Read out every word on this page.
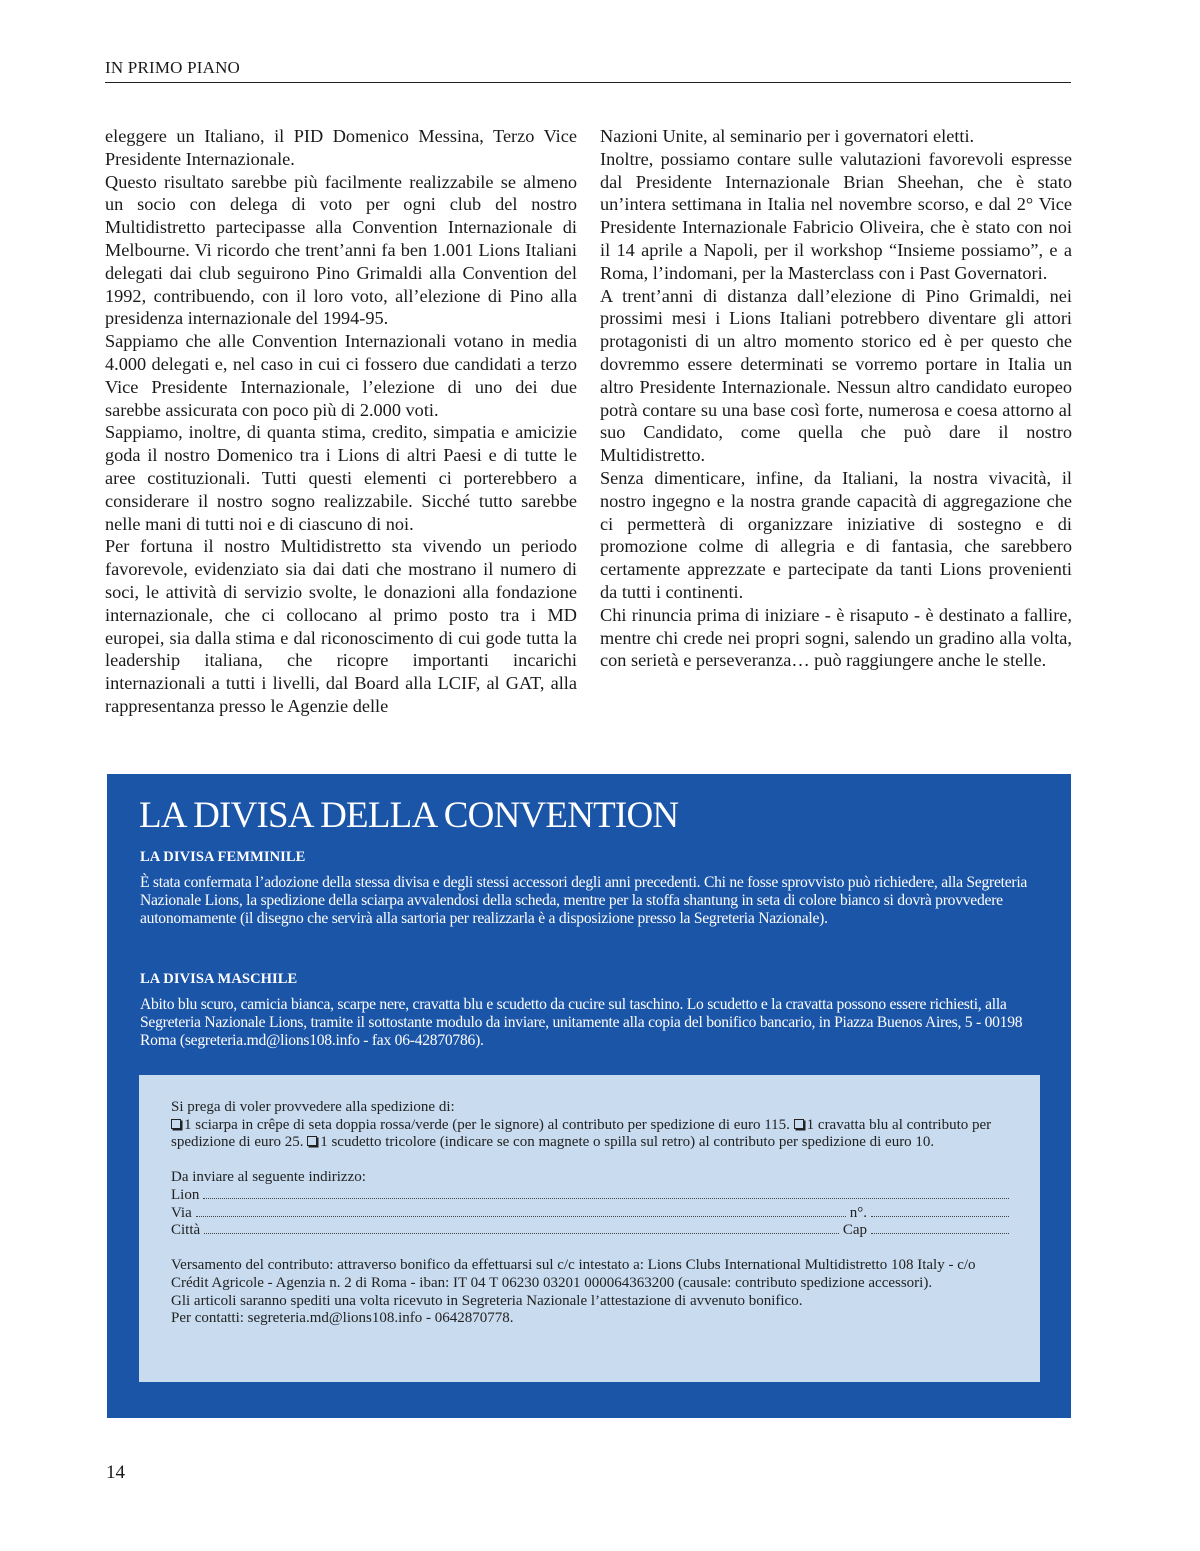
IN PRIMO PIANO

eleggere un Italiano, il PID Domenico Messina, Terzo Vice Presidente Internazionale.

Questo risultato sarebbe più facilmente realizzabile se almeno un socio con delega di voto per ogni club del nostro Multidistretto partecipasse alla Convention Internazionale di Melbourne. Vi ricordo che trent’anni fa ben 1.001 Lions Italiani delegati dai club seguirono Pino Grimaldi alla Convention del 1992, contribuendo, con il loro voto, all’elezione di Pino alla presidenza internazionale del 1994-95.

Sappiamo che alle Convention Internazionali votano in media 4.000 delegati e, nel caso in cui ci fossero due candidati a terzo Vice Presidente Internazionale, l’elezione di uno dei due sarebbe assicurata con poco più di 2.000 voti.

Sappiamo, inoltre, di quanta stima, credito, simpatia e amicizie goda il nostro Domenico tra i Lions di altri Paesi e di tutte le aree costituzionali. Tutti questi elementi ci porterebbero a considerare il nostro sogno realizzabile. Sicché tutto sarebbe nelle mani di tutti noi e di ciascuno di noi.

Per fortuna il nostro Multidistretto sta vivendo un periodo favorevole, evidenziato sia dai dati che mostrano il numero di soci, le attività di servizio svolte, le donazioni alla fondazione internazionale, che ci collocano al primo posto tra i MD europei, sia dalla stima e dal riconoscimento di cui gode tutta la leadership italiana, che ricopre importanti incarichi internazionali a tutti i livelli, dal Board alla LCIF, al GAT, alla rappresentanza presso le Agenzie delle

Nazioni Unite, al seminario per i governatori eletti.

Inoltre, possiamo contare sulle valutazioni favorevoli espresse dal Presidente Internazionale Brian Sheehan, che è stato un’intera settimana in Italia nel novembre scorso, e dal 2° Vice Presidente Internazionale Fabricio Oliveira, che è stato con noi il 14 aprile a Napoli, per il workshop “Insieme possiamo”, e a Roma, l’indomani, per la Masterclass con i Past Governatori.

A trent’anni di distanza dall’elezione di Pino Grimaldi, nei prossimi mesi i Lions Italiani potrebbero diventare gli attori protagonisti di un altro momento storico ed è per questo che dovremmo essere determinati se vorremo portare in Italia un altro Presidente Internazionale. Nessun altro candidato europeo potrà contare su una base così forte, numerosa e coesa attorno al suo Candidato, come quella che può dare il nostro Multidistretto.

Senza dimenticare, infine, da Italiani, la nostra vivacità, il nostro ingegno e la nostra grande capacità di aggregazione che ci permetterà di organizzare iniziative di sostegno e di promozione colme di allegria e di fantasia, che sarebbero certamente apprezzate e partecipate da tanti Lions provenienti da tutti i continenti.

Chi rinuncia prima di iniziare - è risaputo - è destinato a fallire, mentre chi crede nei propri sogni, salendo un gradino alla volta, con serietà e perseveranza… può raggiungere anche le stelle.

LA DIVISA DELLA CONVENTION
LA DIVISA FEMMINILE
È stata confermata l’adozione della stessa divisa e degli stessi accessori degli anni precedenti. Chi ne fosse sprovvisto può richiedere, alla Segreteria Nazionale Lions, la spedizione della sciarpa avvalendosi della scheda, mentre per la stoffa shantung in seta di colore bianco si dovrà provvedere autonomamente (il disegno che servirà alla sartoria per realizzarla è a disposizione presso la Segreteria Nazionale).
LA DIVISA MASCHILE
Abito blu scuro, camicia bianca, scarpe nere, cravatta blu e scudetto da cucire sul taschino. Lo scudetto e la cravatta possono essere richiesti, alla Segreteria Nazionale Lions, tramite il sottostante modulo da inviare, unitamente alla copia del bonifico bancario, in Piazza Buenos Aires, 5 - 00198 Roma (segreteria.md@lions108.info - fax 06-42870786).
Si prega di voler provvedere alla spedizione di:
1 sciarpa in crêpe di seta doppia rossa/verde (per le signore) al contributo per spedizione di euro 115. 1 cravatta blu al contributo per spedizione di euro 25. 1 scudetto tricolore (indicare se con magnete o spilla sul retro) al contributo per spedizione di euro 10.
Da inviare al seguente indirizzo:
Lion
Via	n°.
Città	Cap
Versamento del contributo: attraverso bonifico da effettuarsi sul c/c intestato a: Lions Clubs International Multidistretto 108 Italy - c/o Crédit Agricole - Agenzia n. 2 di Roma - iban: IT 04 T 06230 03201 000064363200 (causale: contributo spedizione accessori).
Gli articoli saranno spediti una volta ricevuto in Segreteria Nazionale l’attestazione di avvenuto bonifico.
Per contatti: segreteria.md@lions108.info - 0642870778.
14
